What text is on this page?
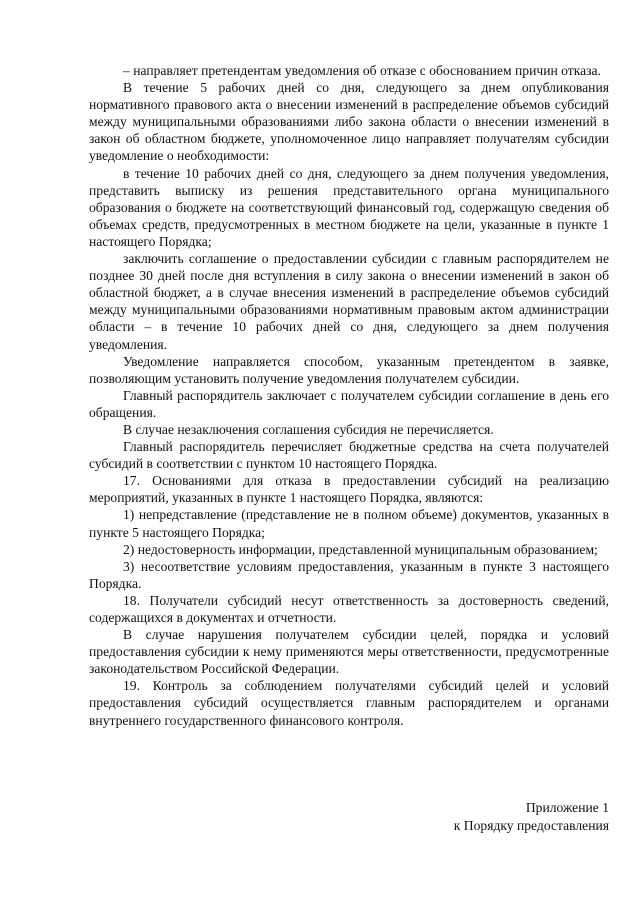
– направляет претендентам уведомления об отказе с обоснованием причин отказа.

В течение 5 рабочих дней со дня, следующего за днем опубликования нормативного правового акта о внесении изменений в распределение объемов субсидий между муниципальными образованиями либо закона области о внесении изменений в закон об областном бюджете, уполномоченное лицо направляет получателям субсидии уведомление о необходимости:

в течение 10 рабочих дней со дня, следующего за днем получения уведомления, представить выписку из решения представительного органа муниципального образования о бюджете на соответствующий финансовый год, содержащую сведения об объемах средств, предусмотренных в местном бюджете на цели, указанные в пункте 1 настоящего Порядка;

заключить соглашение о предоставлении субсидии с главным распорядителем не позднее 30 дней после дня вступления в силу закона о внесении изменений в закон об областной бюджет, а в случае внесения изменений в распределение объемов субсидий между муниципальными образованиями нормативным правовым актом администрации области – в течение 10 рабочих дней со дня, следующего за днем получения уведомления.

Уведомление направляется способом, указанным претендентом в заявке, позволяющим установить получение уведомления получателем субсидии.

Главный распорядитель заключает с получателем субсидии соглашение в день его обращения.

В случае незаключения соглашения субсидия не перечисляется.

Главный распорядитель перечисляет бюджетные средства на счета получателей субсидий в соответствии с пунктом 10 настоящего Порядка.

17. Основаниями для отказа в предоставлении субсидий на реализацию мероприятий, указанных в пункте 1 настоящего Порядка, являются:

1) непредставление (представление не в полном объеме) документов, указанных в пункте 5 настоящего Порядка;

2) недостоверность информации, представленной муниципальным образованием;

3) несоответствие условиям предоставления, указанным в пункте 3 настоящего Порядка.

18. Получатели субсидий несут ответственность за достоверность сведений, содержащихся в документах и отчетности.

В случае нарушения получателем субсидии целей, порядка и условий предоставления субсидии к нему применяются меры ответственности, предусмотренные законодательством Российской Федерации.

19. Контроль за соблюдением получателями субсидий целей и условий предоставления субсидий осуществляется главным распорядителем и органами внутреннего государственного финансового контроля.

Приложение 1
к Порядку предоставления
